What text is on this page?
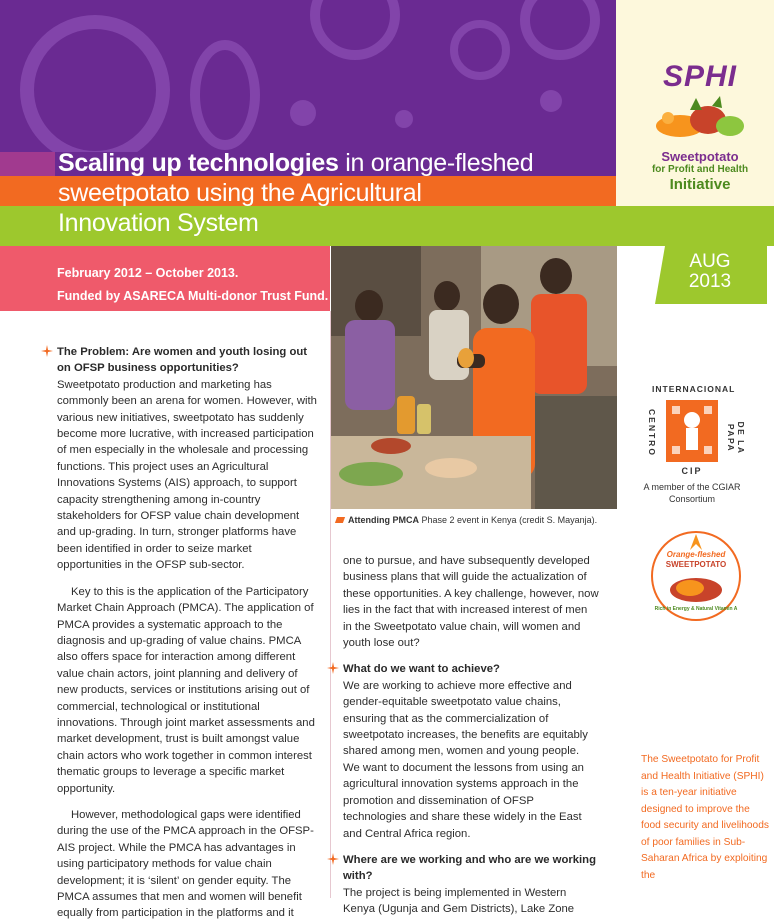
Scaling up technologies in orange-fleshed
sweetpotato using the Agricultural
Innovation System
SPHI
Sweetpotato
for Profit and Health
Initiative
February 2012 – October 2013.
Funded by ASARECA Multi-donor Trust Fund.
AUG
2013
Attending PMCA Phase 2 event in Kenya (credit S. Mayanja).
The Problem: Are women and youth losing out on OFSP business opportunities?

Sweetpotato production and marketing has commonly been an arena for women. However, with various new initiatives, sweetpotato has suddenly become more lucrative, with increased participation of men especially in the wholesale and processing functions. This project uses an Agricultural Innovations Systems (AIS) approach, to support capacity strengthening among in-country stakeholders for OFSP value chain development and up-grading. In turn, stronger platforms have been identified in order to seize market opportunities in the OFSP sub-sector.

Key to this is the application of the Participatory Market Chain Approach (PMCA). The application of PMCA provides a systematic approach to the diagnosis and up-grading of value chains. PMCA also offers space for interaction among different value chain actors, joint planning and delivery of new products, services or institutions arising out of commercial, technological or institutional innovations. Through joint market assessments and market development, trust is built amongst value chain actors who work together in common interest thematic groups to leverage a specific market opportunity.

However, methodological gaps were identified during the use of the PMCA approach in the OFSP-AIS project. While the PMCA has advantages in using participatory methods for value chain development; it is ‘silent’ on gender equity. The PMCA assumes that men and women will benefit equally from participation in the platforms and it

one to pursue, and have subsequently developed business plans that will guide the actualization of these opportunities. A key challenge, however, now lies in the fact that with increased interest of men in the Sweetpotato value chain, will women and youth lose out?

What do we want to achieve?

We are working to achieve more effective and gender-equitable sweetpotato value chains, ensuring that as the commercialization of sweetpotato increases, the benefits are equitably shared among men, women and young people. We want to document the lessons from using an agricultural innovation systems approach in the promotion and dissemination of OFSP technologies and share these widely in the East and Central Africa region.

Where are we working and who are we working with?

The project is being implemented in Western Kenya (Ugunja and Gem Districts), Lake Zone

INTERNACIONAL
CENTRO	DE LA PAPA
CIP
A member of the CGIAR Consortium
Orange-fleshed
SWEETPOTATO
Rich in Energy & Natural Vitamin A
The Sweetpotato for Profit and Health Initiative (SPHI) is a ten-year initiative designed to improve the food security and livelihoods of poor families in Sub-Saharan Africa by exploiting the
